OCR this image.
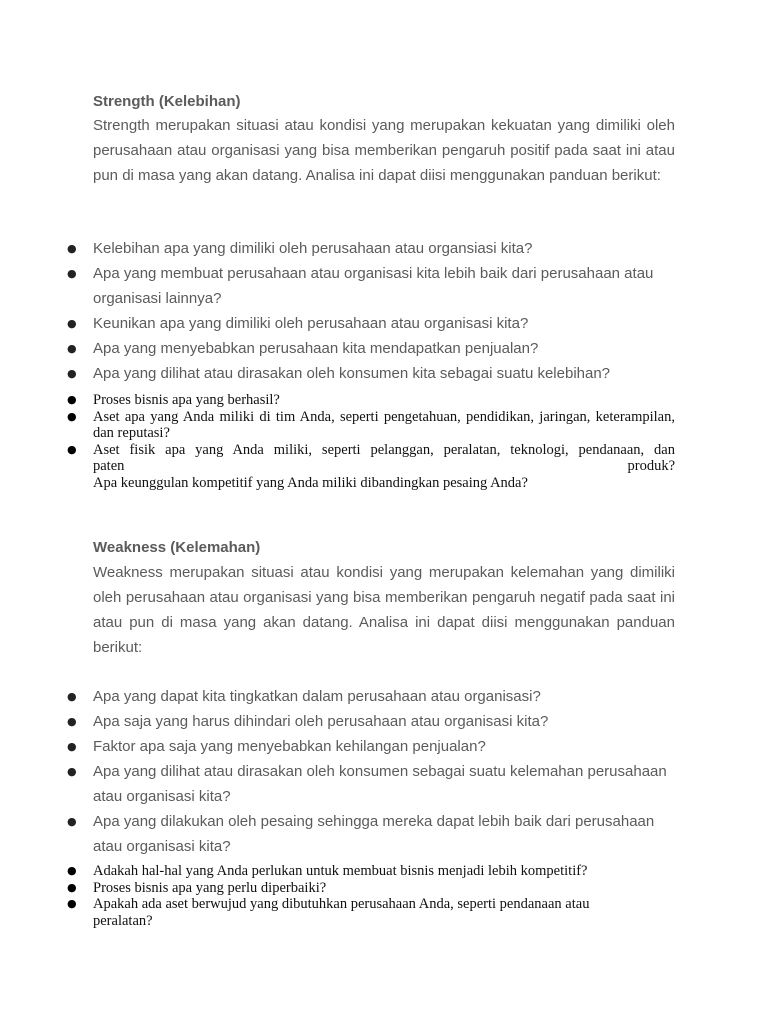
Strength (Kelebihan)

Strength merupakan situasi atau kondisi yang merupakan kekuatan yang dimiliki oleh perusahaan atau organisasi yang bisa memberikan pengaruh positif pada saat ini atau pun di masa yang akan datang. Analisa ini dapat diisi menggunakan panduan berikut:

● Kelebihan apa yang dimiliki oleh perusahaan atau organsiasi kita?
● Apa yang membuat perusahaan atau organisasi kita lebih baik dari perusahaan atau organisasi lainnya?
● Keunikan apa yang dimiliki oleh perusahaan atau organisasi kita?
● Apa yang menyebabkan perusahaan kita mendapatkan penjualan?
● Apa yang dilihat atau dirasakan oleh konsumen kita sebagai suatu kelebihan?
● Proses bisnis apa yang berhasil?
● Aset apa yang Anda miliki di tim Anda, seperti pengetahuan, pendidikan, jaringan, keterampilan, dan reputasi?
● Aset fisik apa yang Anda miliki, seperti pelanggan, peralatan, teknologi, pendanaan, dan
paten	produk?
Apa keunggulan kompetitif yang Anda miliki dibandingkan pesaing Anda?
Weakness (Kelemahan)

Weakness merupakan situasi atau kondisi yang merupakan kelemahan yang dimiliki oleh perusahaan atau organisasi yang bisa memberikan pengaruh negatif pada saat ini atau pun di masa yang akan datang. Analisa ini dapat diisi menggunakan panduan berikut:

● Apa yang dapat kita tingkatkan dalam perusahaan atau organisasi?
● Apa saja yang harus dihindari oleh perusahaan atau organisasi kita?
● Faktor apa saja yang menyebabkan kehilangan penjualan?
● Apa yang dilihat atau dirasakan oleh konsumen sebagai suatu kelemahan perusahaan atau organisasi kita?
● Apa yang dilakukan oleh pesaing sehingga mereka dapat lebih baik dari perusahaan atau organisasi kita?
● Adakah hal-hal yang Anda perlukan untuk membuat bisnis menjadi lebih kompetitif?
● Proses bisnis apa yang perlu diperbaiki?
● Apakah ada aset berwujud yang dibutuhkan perusahaan Anda, seperti pendanaan atau peralatan?
